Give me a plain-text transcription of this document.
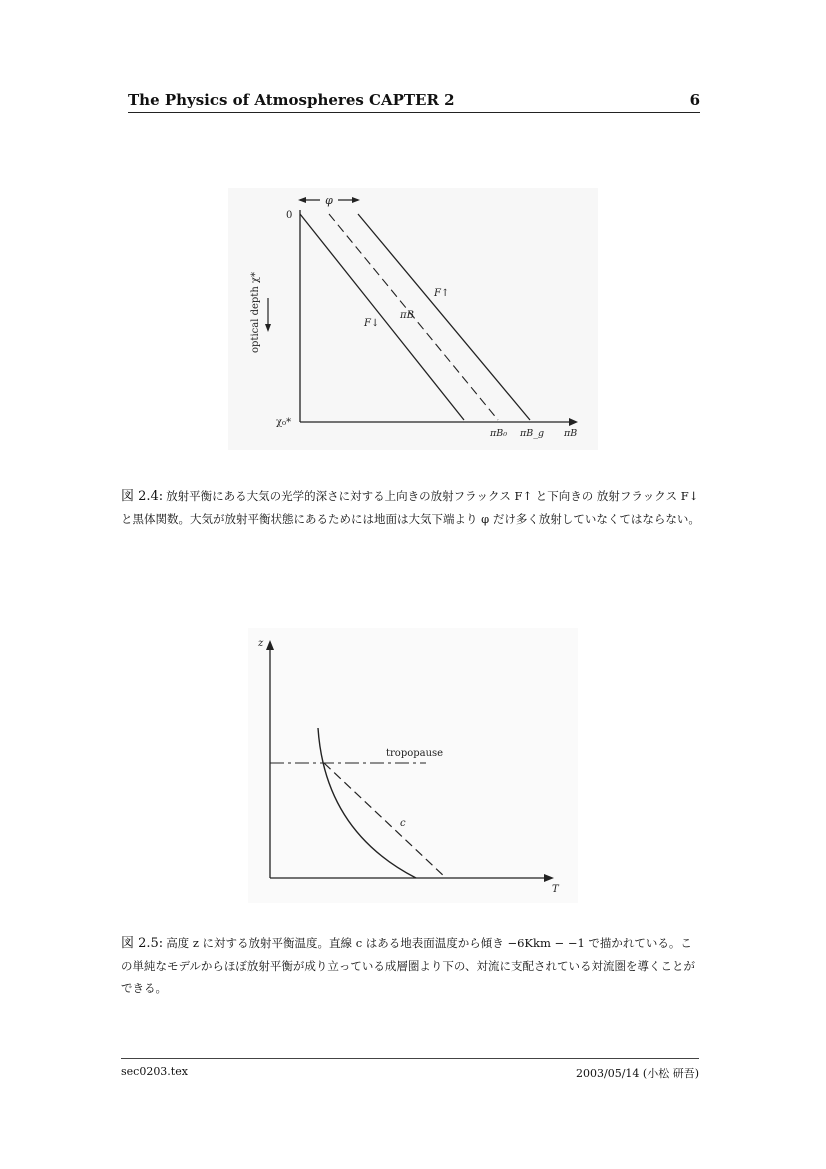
The Physics of Atmospheres CAPTER 2	6
φ
0
χ₀*
optical depth χ*	F↑
πB
F↓
πB₀ πB_g πB
図 2.4: 放射平衡にある大気の光学的深さに対する上向きの放射フラックス F↑ と下向きの 放射フラックス F↓ と黒体関数。大気が放射平衡状態にあるためには地面は大気下端より φ だけ多く放射していなくてはならない。
z
T
tropopause
c
図 2.5: 高度 z に対する放射平衡温度。直線 c はある地表面温度から傾き −6Kkm − −1 で描かれている。この単純なモデルからほぼ放射平衡が成り立っている成層圏より下の、対流に支配されている対流圏を導くことができる。
sec0203.tex	2003/05/14 (小松 研吾)
